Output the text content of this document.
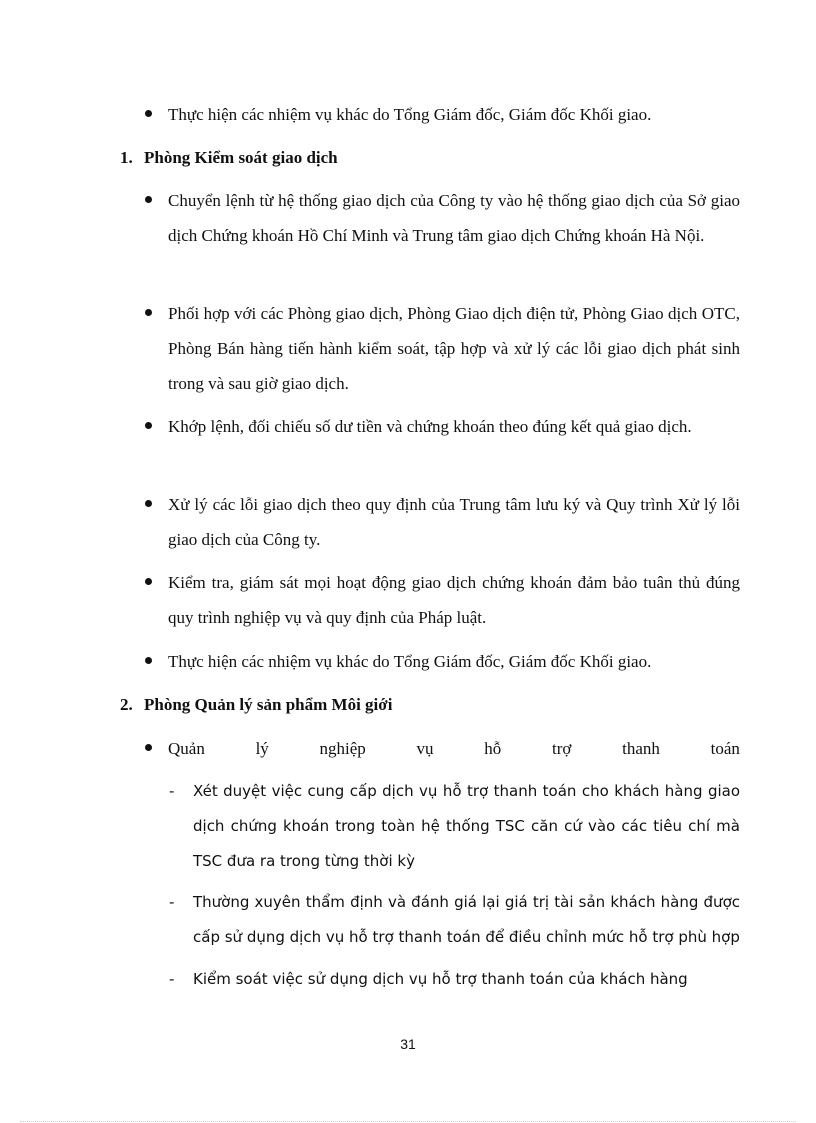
Thực hiện các nhiệm vụ khác do Tổng Giám đốc, Giám đốc Khối giao.
1. Phòng Kiểm soát giao dịch
Chuyển lệnh từ hệ thống giao dịch của Công ty vào hệ thống giao dịch của Sở giao dịch Chứng khoán Hồ Chí Minh và Trung tâm giao dịch Chứng khoán Hà Nội.
Phối hợp với các Phòng giao dịch, Phòng Giao dịch điện tử, Phòng Giao dịch OTC, Phòng Bán hàng tiến hành kiểm soát, tập hợp và xử lý các lỗi giao dịch phát sinh trong và sau giờ giao dịch.
Khớp lệnh, đối chiếu số dư tiền và chứng khoán theo đúng kết quả giao dịch.
Xử lý các lỗi giao dịch theo quy định của Trung tâm lưu ký và Quy trình Xử lý lỗi giao dịch của Công ty.
Kiểm tra, giám sát mọi hoạt động giao dịch chứng khoán đảm bảo tuân thủ đúng quy trình nghiệp vụ và quy định của Pháp luật.
Thực hiện các nhiệm vụ khác do Tổng Giám đốc, Giám đốc Khối giao.
2. Phòng Quản lý sản phẩm Môi giới
Quản	lý	nghiệp	vụ	hỗ	trợ	thanh	toán
- Xét duyệt việc cung cấp dịch vụ hỗ trợ thanh toán cho khách hàng giao dịch chứng khoán trong toàn hệ thống TSC căn cứ vào các tiêu chí mà TSC đưa ra trong từng thời kỳ
- Thường xuyên thẩm định và đánh giá lại giá trị tài sản khách hàng được cấp sử dụng dịch vụ hỗ trợ thanh toán để điều chỉnh mức hỗ trợ phù hợp
- Kiểm soát việc sử dụng dịch vụ hỗ trợ thanh toán của khách hàng
31
